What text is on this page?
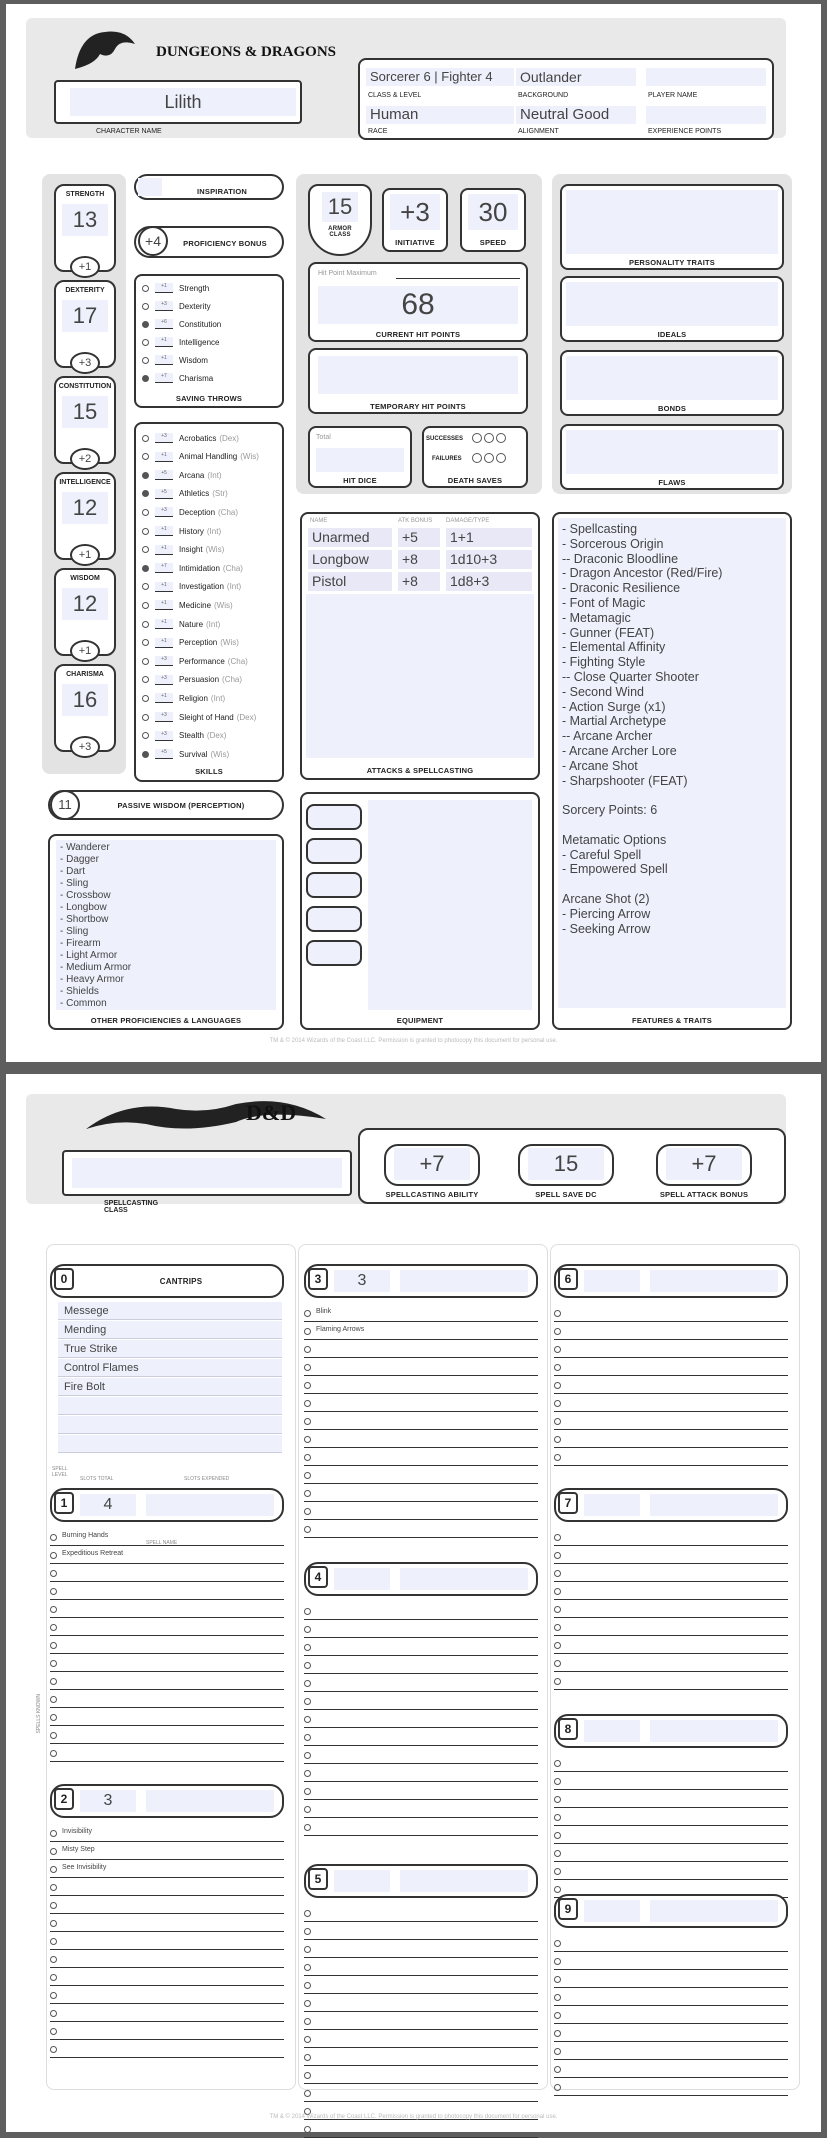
DUNGEONS & DRAGONS
Lilith
CHARACTER NAME
Sorcerer 6 | Fighter 4
CLASS & LEVEL
Outlander
BACKGROUND	PLAYER NAME
Human
RACE
Neutral Good
ALIGNMENT	EXPERIENCE POINTS
STRENGTH
13
+1
DEXTERITY
17
+3
CONSTITUTION
15
+2
INTELLIGENCE
12
+1
WISDOM
12
+1
CHARISMA
16
+3
INSPIRATION
+4	PROFICIENCY BONUS
+1	Strength
+3	Dexterity
+6	Constitution
+1	Intelligence
+1	Wisdom
+7	Charisma
SAVING THROWS
+3	Acrobatics (Dex)
+1	Animal Handling (Wis)
+5	Arcana (Int)
+5	Athletics (Str)
+3	Deception (Cha)
+1	History (Int)
+1	Insight (Wis)
+7	Intimidation (Cha)
+1	Investigation (Int)
+1	Medicine (Wis)
+1	Nature (Int)
+1	Perception (Wis)
+3	Performance (Cha)
+3	Persuasion (Cha)
+1	Religion (Int)
+3	Sleight of Hand (Dex)
+3	Stealth (Dex)
+5	Survival (Wis)
SKILLS
11	PASSIVE WISDOM (PERCEPTION)
- Wanderer
- Dagger
- Dart
- Sling
- Crossbow
- Longbow
- Shortbow
- Sling
- Firearm
- Light Armor
- Medium Armor
- Heavy Armor
- Shields
- Common
OTHER PROFICIENCIES & LANGUAGES
15
ARMOR CLASS
+3
INITIATIVE
30
SPEED
Hit Point Maximum
68
CURRENT HIT POINTS
TEMPORARY HIT POINTS
Total
HIT DICE
SUCCESSES
FAILURES
DEATH SAVES
NAME	ATK BONUS DAMAGE/TYPE
Unarmed	+5	1+1
Longbow	+8	1d10+3
Pistol	+8	1d8+3
ATTACKS & SPELLCASTING
EQUIPMENT
PERSONALITY TRAITS
IDEALS
BONDS
FLAWS
- Spellcasting
- Sorcerous Origin
-- Draconic Bloodline
- Dragon Ancestor (Red/Fire)
- Draconic Resilience
- Font of Magic
- Metamagic
- Gunner (FEAT)
- Elemental Affinity
- Fighting Style
-- Close Quarter Shooter
- Second Wind
- Action Surge (x1)
- Martial Archetype
-- Arcane Archer
- Arcane Archer Lore
- Arcane Shot
- Sharpshooter (FEAT)

Sorcery Points: 6

Metamatic Options
- Careful Spell
- Empowered Spell

Arcane Shot (2)
- Piercing Arrow
- Seeking Arrow
FEATURES & TRAITS
TM & © 2014 Wizards of the Coast LLC. Permission is granted to photocopy this document for personal use.
D&D
SPELLCASTING CLASS
+7
SPELLCASTING ABILITY
15
SPELL SAVE DC
+7
SPELL ATTACK BONUS
0	CANTRIPS
Messege
Mending
True Strike
Control Flames
Fire Bolt
SPELL LEVEL
SLOTS TOTAL	SLOTS EXPENDED
SPELL NAME
SPELLS KNOWN
1	4
Burning Hands
Expeditious Retreat
2	3
Invisibility
Misty Step
See Invisibility
3	3
Blink
Flaming Arrows
4
5
6
7
8
9
TM & © 2014 Wizards of the Coast LLC. Permission is granted to photocopy this document for personal use.
